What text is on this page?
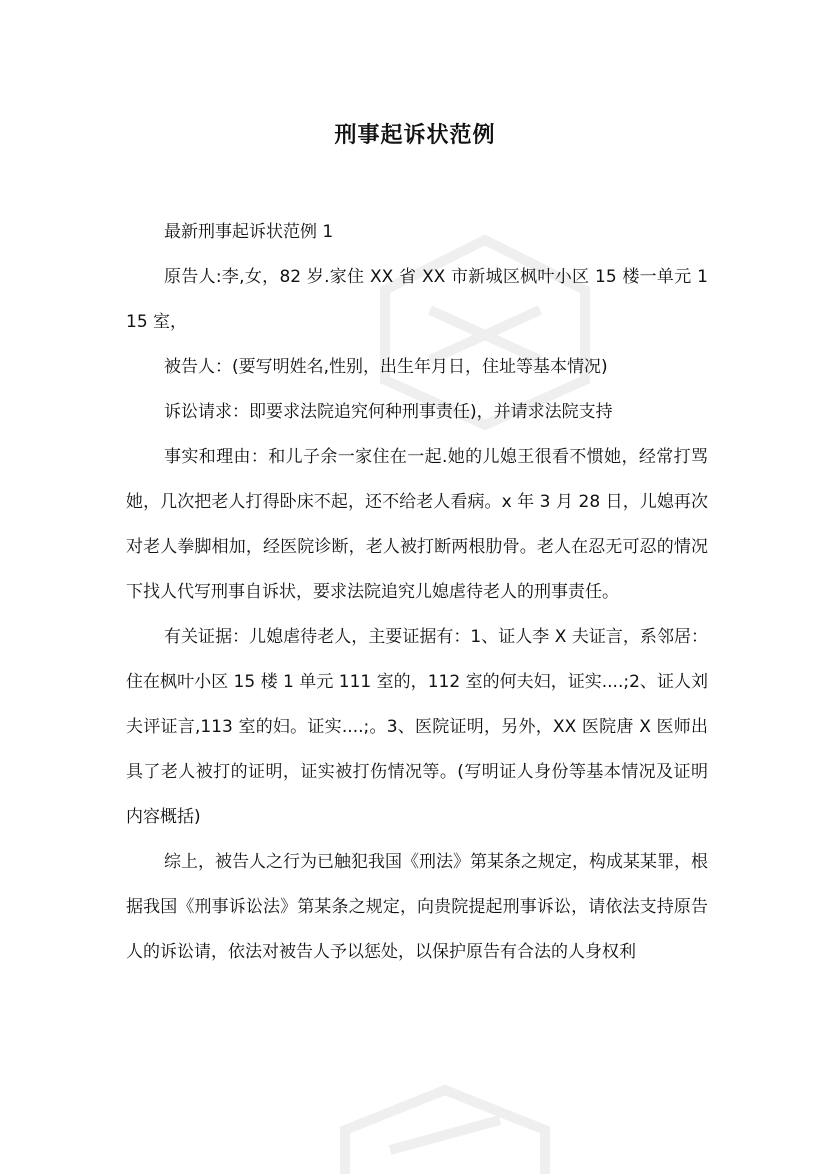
刑事起诉状范例

最新刑事起诉状范例 1

原告人:李,女，82 岁.家住 XX 省 XX 市新城区枫叶小区 15 楼一单元 115 室，

被告人：(要写明姓名,性别，出生年月日，住址等基本情况)

诉讼请求：即要求法院追究何种刑事责任)，并请求法院支持

事实和理由：和儿子余一家住在一起.她的儿媳王很看不惯她，经常打骂她，几次把老人打得卧床不起，还不给老人看病。x 年 3 月 28 日，儿媳再次对老人拳脚相加，经医院诊断，老人被打断两根肋骨。老人在忍无可忍的情况下找人代写刑事自诉状，要求法院追究儿媳虐待老人的刑事责任。

有关证据：儿媳虐待老人，主要证据有：1、证人李 X 夫证言，系邻居：住在枫叶小区 15 楼 1 单元 111 室的，112 室的何夫妇，证实....;2、证人刘夫评证言,113 室的妇。证实....;。3、医院证明，另外，XX 医院唐 X 医师出具了老人被打的证明，证实被打伤情况等。(写明证人身份等基本情况及证明内容概括)

综上，被告人之行为已触犯我国《刑法》第某条之规定，构成某某罪，根据我国《刑事诉讼法》第某条之规定，向贵院提起刑事诉讼，请依法支持原告人的诉讼请，依法对被告人予以惩处，以保护原告有合法的人身权利
